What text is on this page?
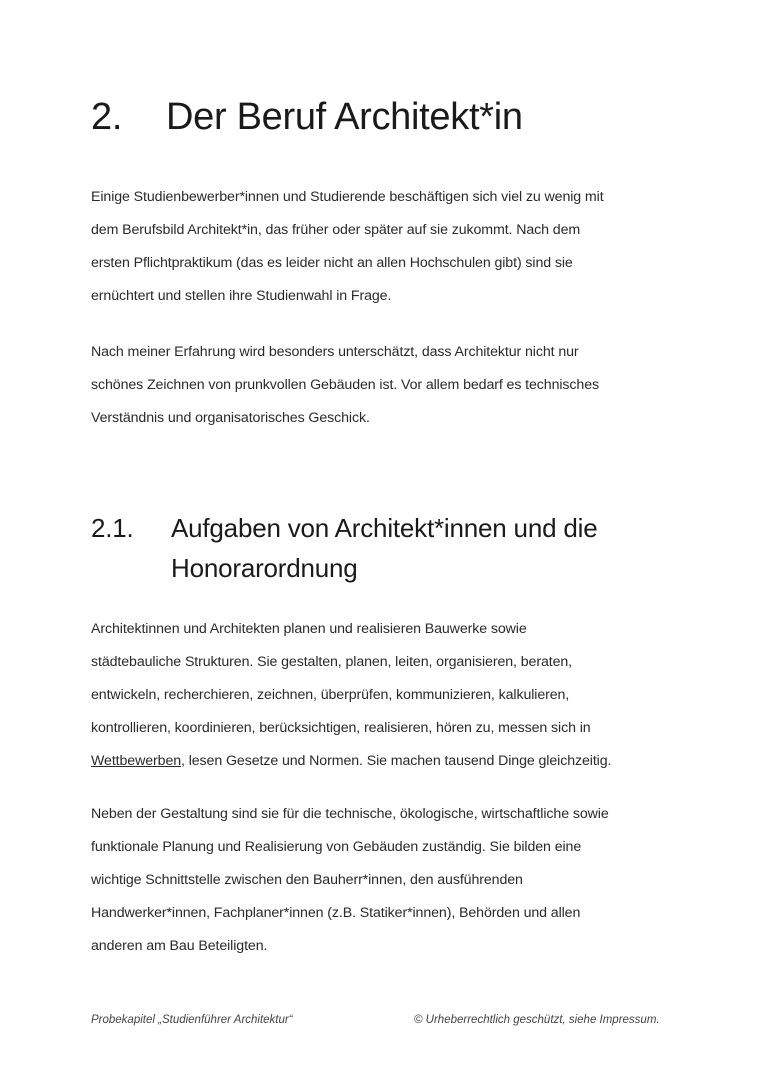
2.	Der Beruf Architekt*in
Einige Studienbewerber*innen und Studierende beschäftigen sich viel zu wenig mit
dem Berufsbild Architekt*in, das früher oder später auf sie zukommt. Nach dem
ersten Pflichtpraktikum (das es leider nicht an allen Hochschulen gibt) sind sie
ernüchtert und stellen ihre Studienwahl in Frage.
Nach meiner Erfahrung wird besonders unterschätzt, dass Architektur nicht nur
schönes Zeichnen von prunkvollen Gebäuden ist. Vor allem bedarf es technisches
Verständnis und organisatorisches Geschick.
2.1.	Aufgaben von Architekt*innen und die
Honorarordnung
Architektinnen und Architekten planen und realisieren Bauwerke sowie
städtebauliche Strukturen. Sie gestalten, planen, leiten, organisieren, beraten,
entwickeln, recherchieren, zeichnen, überprüfen, kommunizieren, kalkulieren,
kontrollieren, koordinieren, berücksichtigen, realisieren, hören zu, messen sich in
Wettbewerben, lesen Gesetze und Normen. Sie machen tausend Dinge gleichzeitig.
Neben der Gestaltung sind sie für die technische, ökologische, wirtschaftliche sowie
funktionale Planung und Realisierung von Gebäuden zuständig. Sie bilden eine
wichtige Schnittstelle zwischen den Bauherr*innen, den ausführenden
Handwerker*innen, Fachplaner*innen (z.B. Statiker*innen), Behörden und allen
anderen am Bau Beteiligten.
Probekapitel „Studienführer Architektur“	© Urheberrechtlich geschützt, siehe Impressum.
